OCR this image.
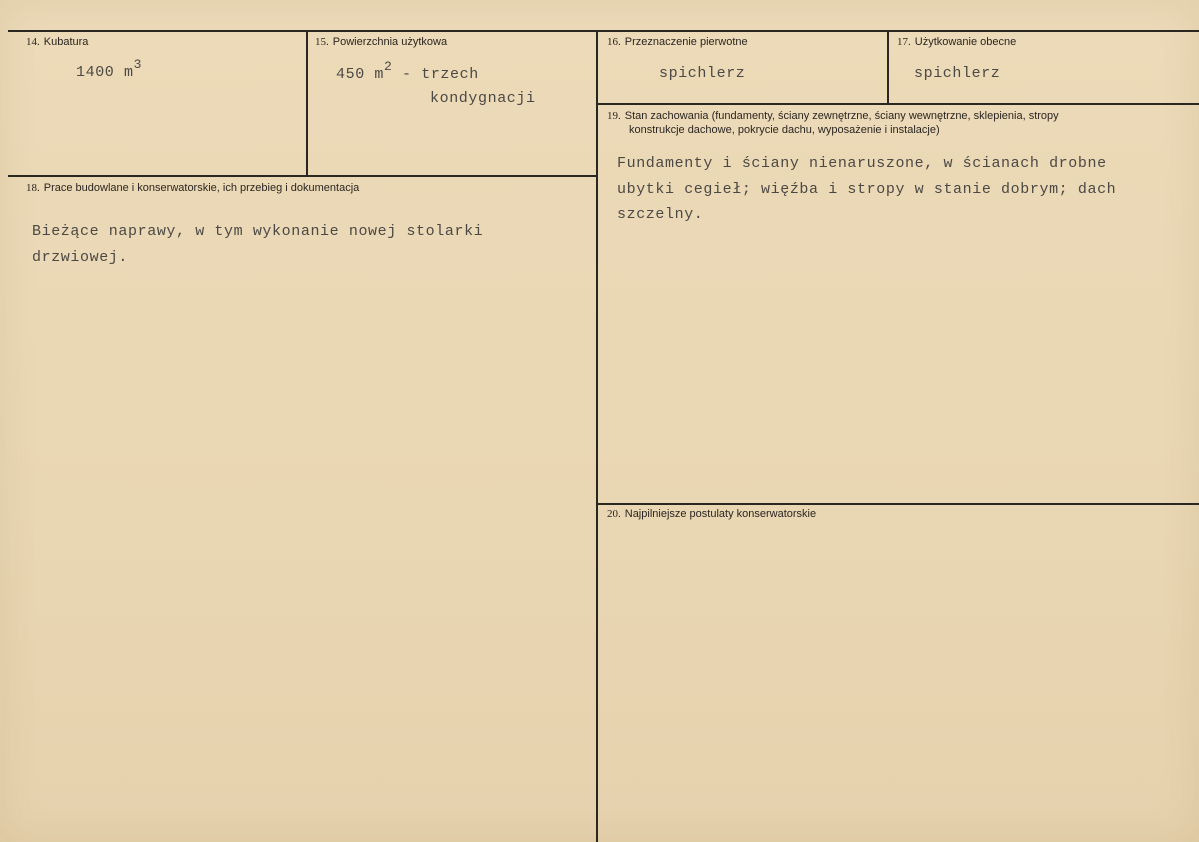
14. Kubatura
1400 m3
15. Powierzchnia użytkowa
450 m2 - trzech
kondygnacji
16. Przeznaczenie pierwotne
spichlerz
17. Użytkowanie obecne
spichlerz
18. Prace budowlane i konserwatorskie, ich przebieg i dokumentacja
Bieżące naprawy, w tym wykonanie nowej stolarki
drzwiowej.
19. Stan zachowania (fundamenty, ściany zewnętrzne, ściany wewnętrzne, sklepienia, stropy
konstrukcje dachowe, pokrycie dachu, wyposażenie i instalacje)
Fundamenty i ściany nienaruszone, w ścianach drobne
ubytki cegieł; więźba i stropy w stanie dobrym; dach
szczelny.
20. Najpilniejsze postulaty konserwatorskie
